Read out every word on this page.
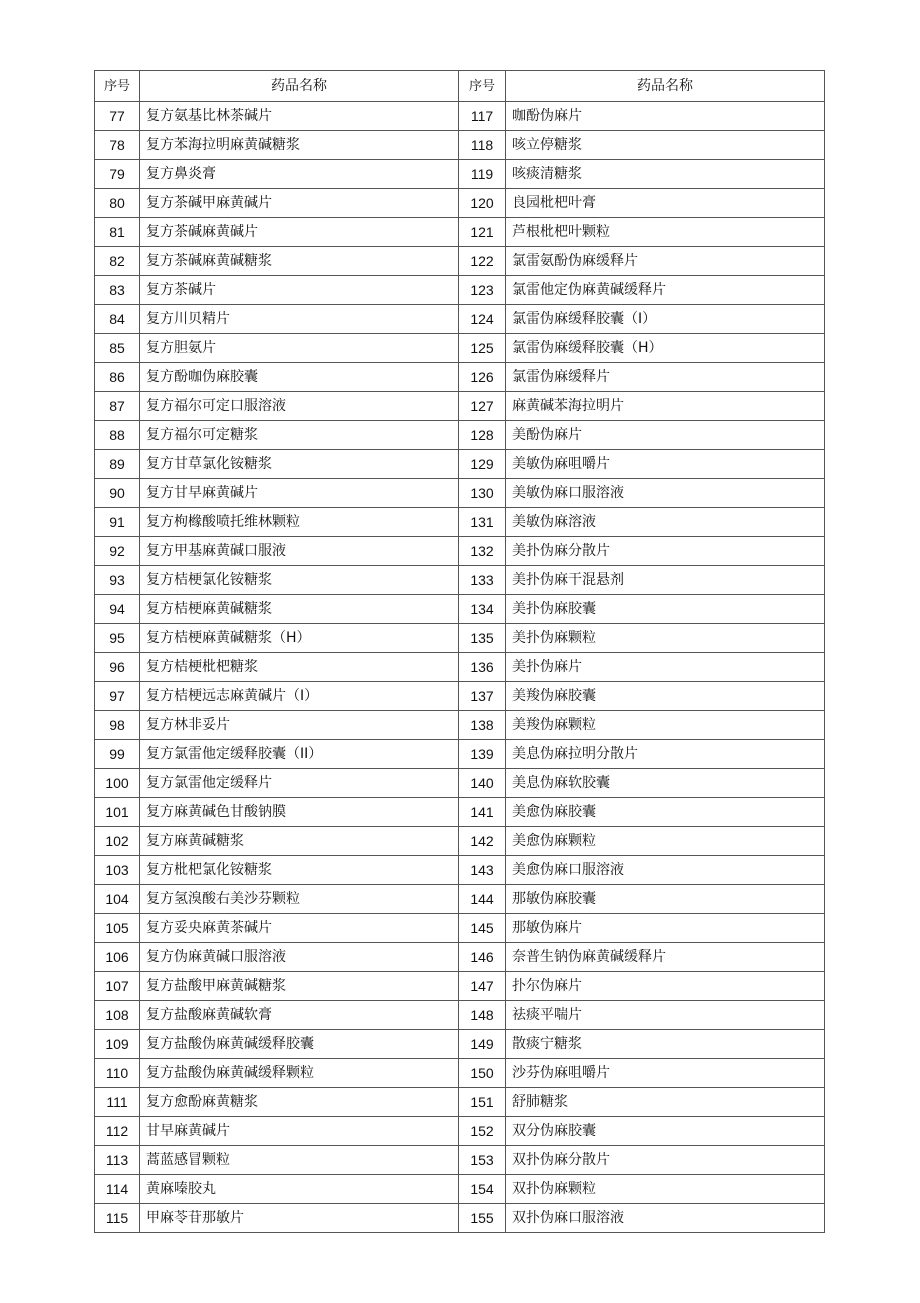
序号	药品名称	序号	药品名称
77	复方氨基比林茶碱片	117	咖酚伪麻片
78	复方苯海拉明麻黄碱糖浆	118	咳立停糖浆
79	复方鼻炎膏	119	咳痰清糖浆
80	复方茶碱甲麻黄碱片	120	良园枇杷叶膏
81	复方茶碱麻黄碱片	121	芦根枇杷叶颗粒
82	复方茶碱麻黄碱糖浆	122	氯雷氨酚伪麻缓释片
83	复方茶碱片	123	氯雷他定伪麻黄碱缓释片
84	复方川贝精片	124	氯雷伪麻缓释胶囊（I）
85	复方胆氨片	125	氯雷伪麻缓释胶囊（H）
86	复方酚咖伪麻胶囊	126	氯雷伪麻缓释片
87	复方福尔可定口服溶液	127	麻黄碱苯海拉明片
88	复方福尔可定糖浆	128	美酚伪麻片
89	复方甘草氯化铵糖浆	129	美敏伪麻咀嚼片
90	复方甘早麻黄碱片	130	美敏伪麻口服溶液
91	复方枸橼酸喷托维林颗粒	131	美敏伪麻溶液
92	复方甲基麻黄碱口服液	132	美扑伪麻分散片
93	复方桔梗氯化铵糖浆	133	美扑伪麻干混悬剂
94	复方桔梗麻黄碱糖浆	134	美扑伪麻胶囊
95	复方桔梗麻黄碱糖浆（H）	135	美扑伪麻颗粒
96	复方桔梗枇杷糖浆	136	美扑伪麻片
97	复方桔梗远志麻黄碱片（I）	137	美羧伪麻胶囊
98	复方林非妥片	138	美羧伪麻颗粒
99	复方氯雷他定缓释胶囊（II）	139	美息伪麻拉明分散片
100	复方氯雷他定缓释片	140	美息伪麻软胶囊
101	复方麻黄碱色甘酸钠膜	141	美愈伪麻胶囊
102	复方麻黄碱糖浆	142	美愈伪麻颗粒
103	复方枇杷氯化铵糖浆	143	美愈伪麻口服溶液
104	复方氢溴酸右美沙芬颗粒	144	那敏伪麻胶囊
105	复方妥央麻黄茶碱片	145	那敏伪麻片
106	复方伪麻黄碱口服溶液	146	奈普生钠伪麻黄碱缓释片
107	复方盐酸甲麻黄碱糖浆	147	扑尔伪麻片
108	复方盐酸麻黄碱软膏	148	祛痰平喘片
109	复方盐酸伪麻黄碱缓释胶囊	149	散痰宁糖浆
110	复方盐酸伪麻黄碱缓释颗粒	150	沙芬伪麻咀嚼片
111	复方愈酚麻黄糖浆	151	舒肺糖浆
112	甘早麻黄碱片	152	双分伪麻胶囊
113	蒿蓝感冒颗粒	153	双扑伪麻分散片
114	黄麻嗪胶丸	154	双扑伪麻颗粒
115	甲麻苓苷那敏片	155	双扑伪麻口服溶液
